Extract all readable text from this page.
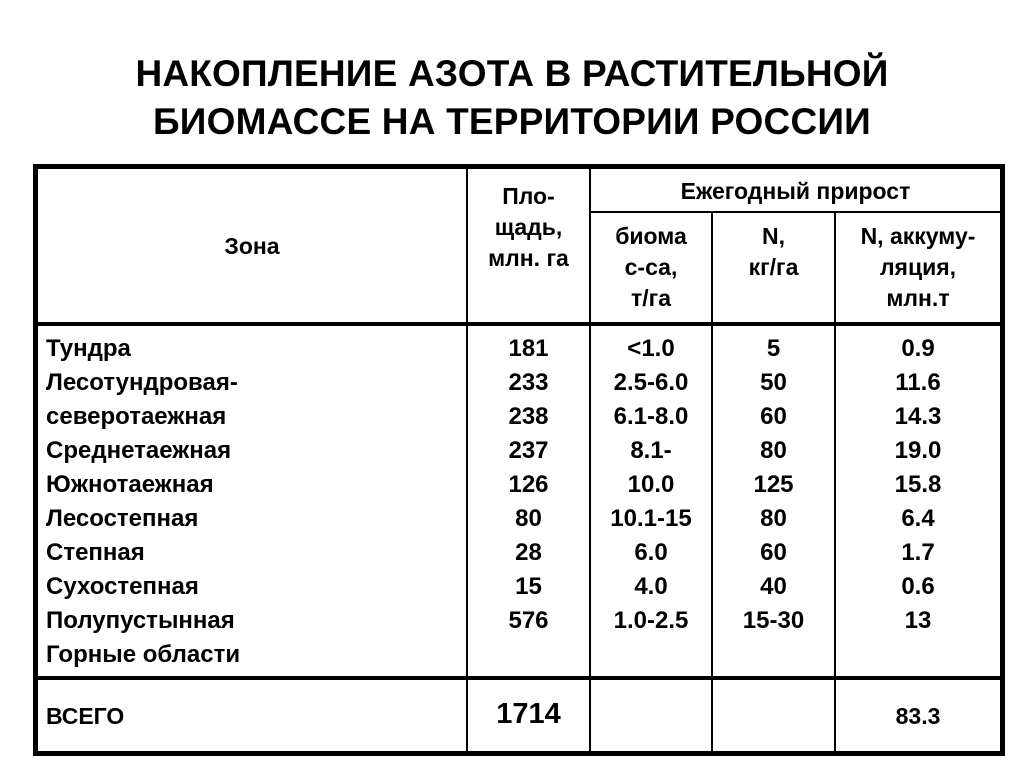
НАКОПЛЕНИЕ АЗОТА В РАСТИТЕЛЬНОЙ
БИОМАССЕ НА ТЕРРИТОРИИ РОССИИ
Зона
Пло-
щадь,
млн. га
Ежегодный прирост
биома
с-са,
т/га
N,
кг/га
N, аккуму-
ляция,
млн.т
Тундра
Лесотундровая-
северотаежная
Среднетаежная
Южнотаежная
Лесостепная
Степная
Сухостепная
Полупустынная
Горные области
181
233
238
237
126
80
28
15
576
<1.0
2.5-6.0
6.1-8.0
8.1-
10.0
10.1-15
6.0
4.0
1.0-2.5
5
50
60
80
125
80
60
40
15-30
0.9
11.6
14.3
19.0
15.8
6.4
1.7
0.6
13
ВСЕГО	1714	83.3
